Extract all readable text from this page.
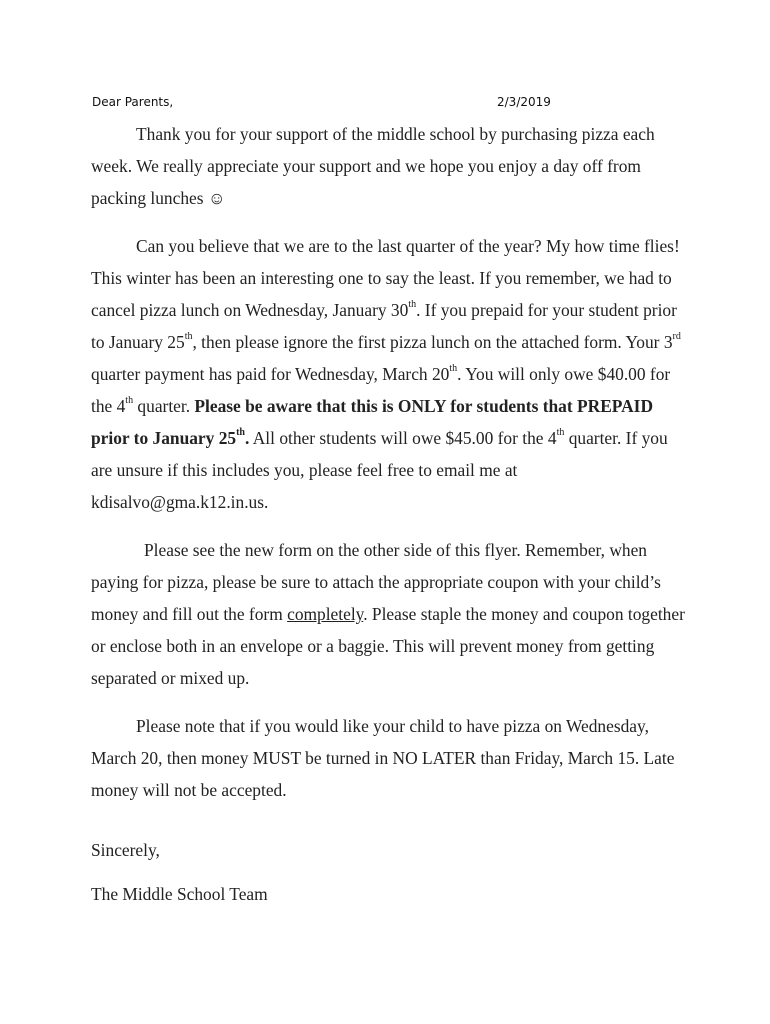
Dear Parents,	2/3/2019

Thank you for your support of the middle school by purchasing pizza each week. We really appreciate your support and we hope you enjoy a day off from packing lunches ☺

Can you believe that we are to the last quarter of the year? My how time flies! This winter has been an interesting one to say the least. If you remember, we had to cancel pizza lunch on Wednesday, January 30th. If you prepaid for your student prior to January 25th, then please ignore the first pizza lunch on the attached form. Your 3rd quarter payment has paid for Wednesday, March 20th. You will only owe $40.00 for the 4th quarter. Please be aware that this is ONLY for students that PREPAID prior to January 25th. All other students will owe $45.00 for the 4th quarter. If you are unsure if this includes you, please feel free to email me at kdisalvo@gma.k12.in.us.

Please see the new form on the other side of this flyer. Remember, when paying for pizza, please be sure to attach the appropriate coupon with your child’s money and fill out the form completely. Please staple the money and coupon together or enclose both in an envelope or a baggie. This will prevent money from getting separated or mixed up.

Please note that if you would like your child to have pizza on Wednesday, March 20, then money MUST be turned in NO LATER than Friday, March 15. Late money will not be accepted.

Sincerely,

The Middle School Team
